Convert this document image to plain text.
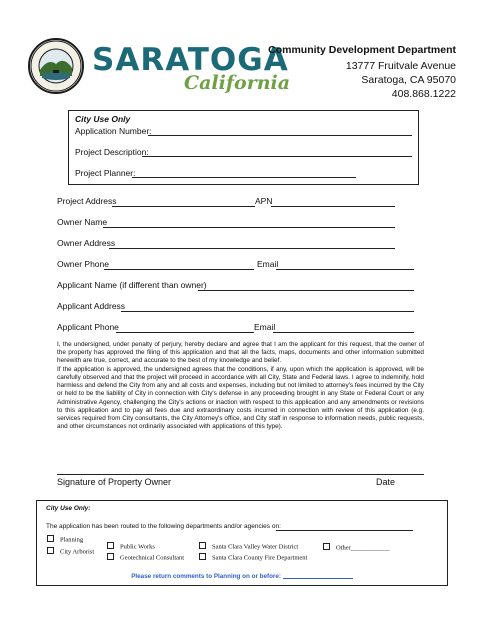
SARATOGA
California
Community Development Department
13777 Fruitvale Avenue
Saratoga, CA 95070
408.868.1222
City Use Only
Application Number:
Project Description:
Project Planner:
Project Address	APN
Owner Name
Owner Address
Owner Phone	Email
Applicant Name (if different than owner)
Applicant Address
Applicant Phone	Email
I, the undersigned, under penalty of perjury, hereby declare and agree that I am the applicant for this request, that the owner of the property has approved the filing of this application and that all the facts, maps, documents and other information submitted herewith are true, correct, and accurate to the best of my knowledge and belief.
If the application is approved, the undersigned agrees that the conditions, if any, upon which the application is approved, will be carefully observed and that the project will proceed in accordance with all City, State and Federal laws. I agree to indemnify, hold harmless and defend the City from any and all costs and expenses, including but not limited to attorney's fees incurred by the City or held to be the liability of City in connection with City's defense in any proceeding brought in any State or Federal Court or any Administrative Agency, challenging the City's actions or inaction with respect to this application and any amendments or revisions to this application and to pay all fees due and extraordinary costs incurred in connection with review of this application (e.g. services required from City consultants, the City Attorney's office, and City staff in response to information needs, public requests, and other circumstances not ordinarily associated with applications of this type).
Signature of Property Owner	Date
City Use Only:
The application has been routed to the following departments and/or agencies on:
Planning
City Arborist
Public Works
Geotechnical Consultant
Santa Clara Valley Water District
Santa Clara County Fire Department
Other____________
Please return comments to Planning on or before:
